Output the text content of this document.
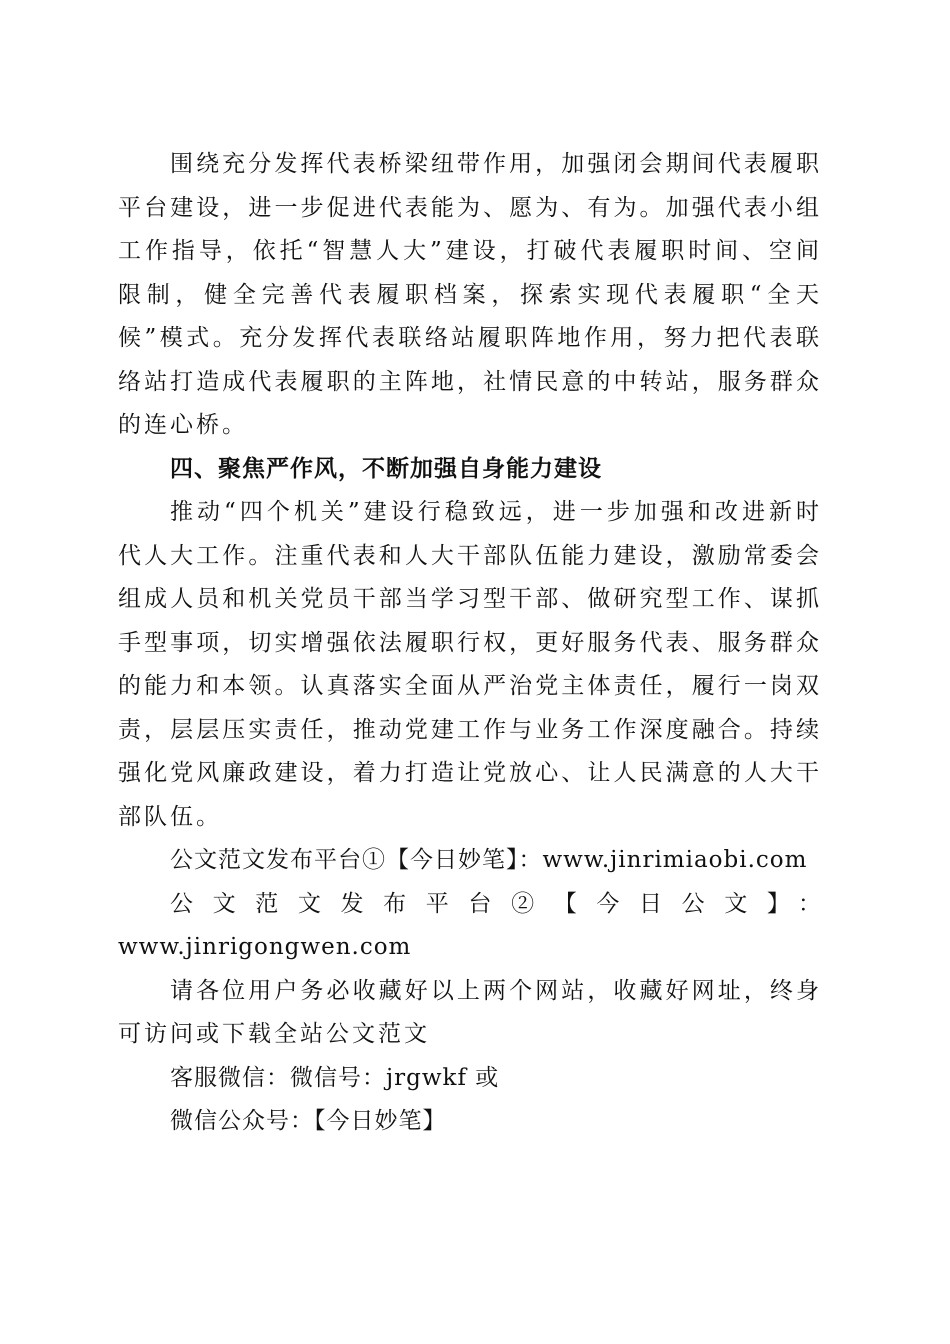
围绕充分发挥代表桥梁纽带作用，加强闭会期间代表履职平台建设，进一步促进代表能为、愿为、有为。加强代表小组工作指导，依托“智慧人大”建设，打破代表履职时间、空间限制，健全完善代表履职档案，探索实现代表履职“全天候”模式。充分发挥代表联络站履职阵地作用，努力把代表联络站打造成代表履职的主阵地，社情民意的中转站，服务群众的连心桥。

四、聚焦严作风，不断加强自身能力建设

推动“四个机关”建设行稳致远，进一步加强和改进新时代人大工作。注重代表和人大干部队伍能力建设，激励常委会组成人员和机关党员干部当学习型干部、做研究型工作、谋抓手型事项，切实增强依法履职行权，更好服务代表、服务群众的能力和本领。认真落实全面从严治党主体责任，履行一岗双责，层层压实责任，推动党建工作与业务工作深度融合。持续强化党风廉政建设，着力打造让党放心、让人民满意的人大干部队伍。

公文范文发布平台①【今日妙笔】：www.jinrimiaobi.com

公文范文发布平台②【今日公文】：

www.jinrigongwen.com

请各位用户务必收藏好以上两个网站，收藏好网址，终身可访问或下载全站公文范文

客服微信：微信号：jrgwkf 或

微信公众号：【今日妙笔】
